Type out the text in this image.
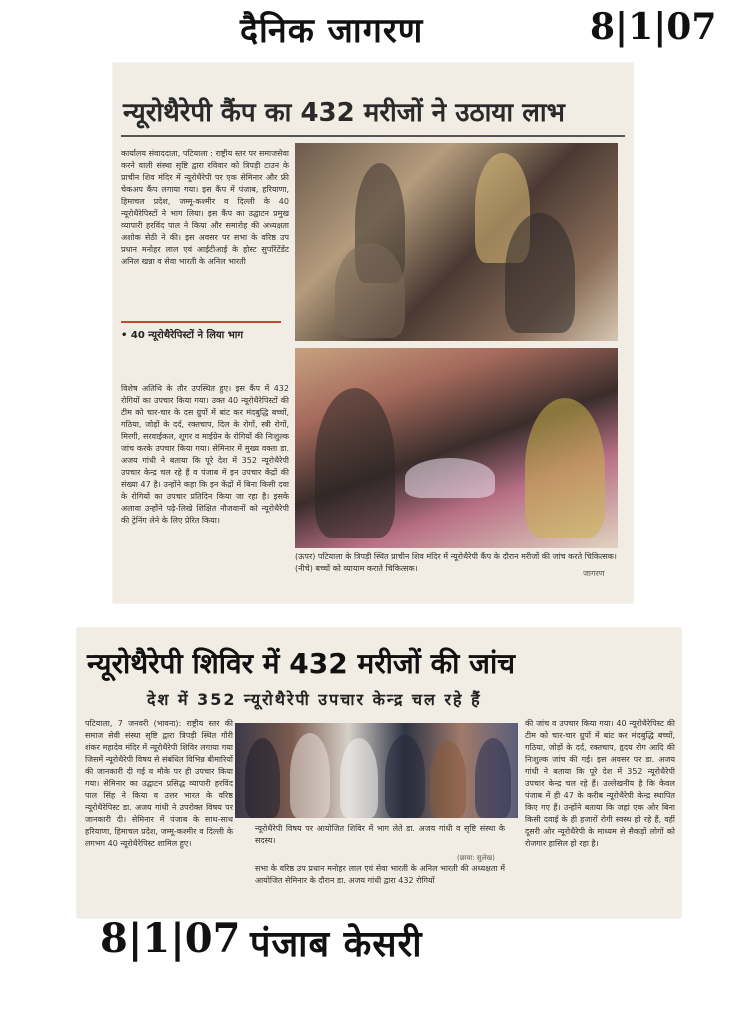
दैनिक जागरण	8|1|07
न्यूरोथैरेपी कैंप का 432 मरीजों ने उठाया लाभ
कार्यालय संवाददाता, पटियाला : राष्ट्रीय स्तर पर समाजसेवा करने वाली संस्था सृष्टि द्वारा रविवार को त्रिपड़ी टाउन के प्राचीन शिव मंदिर में न्यूरोथैरेपी पर एक सेमिनार और फ्री चेकअप कैंप लगाया गया। इस कैंप में पंजाब, हरियाणा, हिमाचल प्रदेश, जम्मू-कश्मीर व दिल्ली के 40 न्यूरोथैरेपिस्टों ने भाग लिया। इस कैंप का उद्घाटन प्रमुख व्यापारी हरविंद पाल ने किया और समारोह की अध्यक्षता अशोक सेठी ने की। इस अवसर पर सभा के वरिष्ठ उप प्रधान मनोहर लाल एवं आईटीआई के होस्ट सुपरिंटेंडेंट अनिल खन्ना व सेवा भारती के अनिल भारती
• 40 न्यूरोथैरेपिस्टों ने लिया भाग
विशेष अतिथि के तौर उपस्थित हुए। इस कैंप में 432 रोगियों का उपचार किया गया। उक्त 40 न्यूरोथैरेपिस्टों की टीम को चार-चार के दस ग्रुपों में बांट कर मंदबुद्धि बच्चों, गठिया, जोड़ों के दर्द, रक्तचाप, दिल के रोगों, स्त्री रोगों, मिरगी, सरवाईकल, शूगर व माईग्रेन के रोगियों की निःशुल्क जांच करके उपचार किया गया। सेमिनार में मुख्य वक्ता डा. अजय गांधी ने बताया कि पूरे देश में 352 न्यूरोथैरेपी उपचार केन्द्र चल रहे हैं व पंजाब में इन उपचार केंद्रों की संख्या 47 है। उन्होंने कहा कि इन केंद्रों में बिना किसी दवा के रोगियों का उपचार प्रतिदिन किया जा रहा है। इसके अलावा उन्होंने पढ़े-लिखे शिक्षित नौजवानों को न्यूरोथैरेपी की ट्रेनिंग लेने के लिए प्रेरित किया।
(ऊपर) पटियाला के त्रिपड़ी स्थित प्राचीन शिव मंदिर में न्यूरोथैरेपी कैंप के दौरान मरीजों की जांच करते चिकित्सक। (नीचे) बच्चों को व्यायाम कराते चिकित्सक।
जागरण
न्यूरोथैरेपी शिविर में 432 मरीजों की जांच
देश में 352 न्यूरोथैरेपी उपचार केन्द्र चल रहे हैं
पटियाला, 7 जनवरी (भावना): राष्ट्रीय स्तर की समाज सेवी संस्था सृष्टि द्वारा त्रिपड़ी स्थित गौरी शंकर महादेव मंदिर में न्यूरोथैरेपी शिविर लगाया गया जिसमें न्यूरोथैरेपी विषय से संबंधित विभिन्न बीमारियों की जानकारी दी गई व मौके पर ही उपचार किया गया। सेमिनार का उद्घाटन प्रसिद्ध व्यापारी हरविंद पाल सिंह ने किया व उत्तर भारत के वरिष्ठ न्यूरोथैरेपिस्ट डा. अजय गांधी ने उपरोक्त विषय पर जानकारी दी। सेमिनार में पंजाब के साथ-साथ हरियाणा, हिमाचल प्रदेश, जम्मू-कश्मीर व दिल्ली के लगभग 40 न्यूरोथैरेपिस्ट शामिल हुए।
न्यूरोथैरेपी विषय पर आयोजित शिविर में भाग लेते डा. अजय गांधी व सृष्टि संस्था के सदस्य।
(छाया: सुलेख)
सभा के वरिष्ठ उप प्रधान मनोहर लाल एवं सेवा भारती के अनिल भारती की अध्यक्षता में आयोजित सेमिनार के दौरान डा. अजय गांधी द्वारा 432 रोगियों
की जांच व उपचार किया गया। 40 न्यूरोथैरेपिस्ट की टीम को चार-चार ग्रुपों में बांट कर मंदबुद्धि बच्चों, गठिया, जोड़ों के दर्द, रक्तचाप, हृदय रोग आदि की निःशुल्क जांच की गई। इस अवसर पर डा. अजय गांधी ने बताया कि पूरे देश में 352 न्यूरोथैरेपी उपचार केन्द्र चल रहे हैं। उल्लेखनीय है कि केवल पंजाब में ही 47 के करीब न्यूरोथैरेपी केन्द्र स्थापित किए गए हैं। उन्होंने बताया कि जहां एक ओर बिना किसी दवाई के ही हजारों रोगी स्वस्थ हो रहे हैं, वहीं दूसरी ओर न्यूरोथैरेपी के माध्यम से सैकड़ों लोगों को रोजगार हासिल हो रहा है।
8|1|07 पंजाब केसरी
